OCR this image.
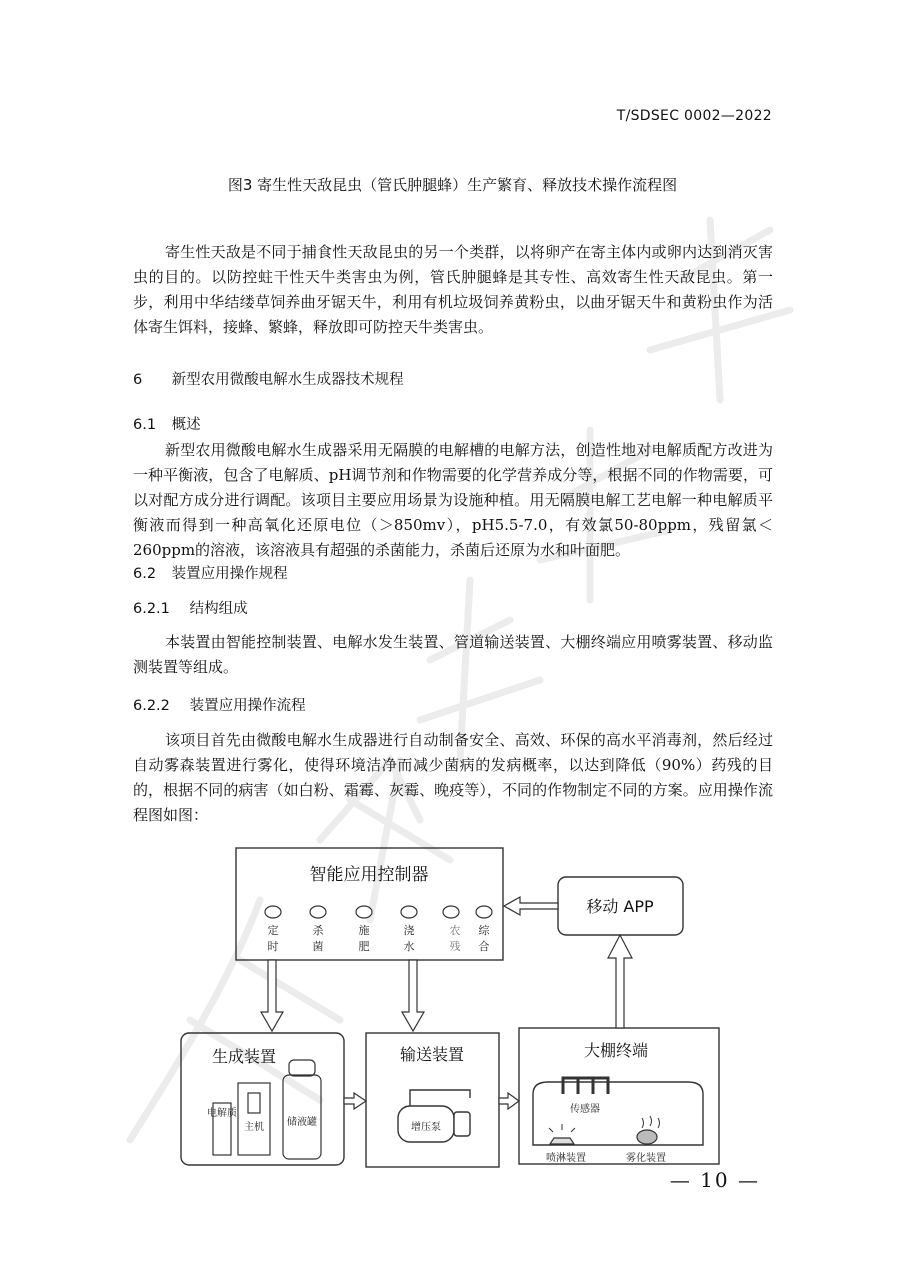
T/SDSEC 0002—2022
图3 寄生性天敌昆虫（管氏肿腿蜂）生产繁育、释放技术操作流程图
寄生性天敌是不同于捕食性天敌昆虫的另一个类群，以将卵产在寄主体内或卵内达到消灭害虫的目的。以防控蛀干性天牛类害虫为例，管氏肿腿蜂是其专性、高效寄生性天敌昆虫。第一步，利用中华结缕草饲养曲牙锯天牛，利用有机垃圾饲养黄粉虫，以曲牙锯天牛和黄粉虫作为活体寄生饵料，接蜂、繁蜂，释放即可防控天牛类害虫。
6 新型农用微酸电解水生成器技术规程
6.1 概述
新型农用微酸电解水生成器采用无隔膜的电解槽的电解方法，创造性地对电解质配方改进为一种平衡液，包含了电解质、pH调节剂和作物需要的化学营养成分等，根据不同的作物需要，可以对配方成分进行调配。该项目主要应用场景为设施种植。用无隔膜电解工艺电解一种电解质平衡液而得到一种高氧化还原电位（＞850mv），pH5.5-7.0，有效氯50-80ppm，残留氯＜260ppm的溶液，该溶液具有超强的杀菌能力，杀菌后还原为水和叶面肥。
6.2 装置应用操作规程
6.2.1 结构组成
本装置由智能控制装置、电解水发生装置、管道输送装置、大棚终端应用喷雾装置、移动监测装置等组成。
6.2.2 装置应用操作流程
该项目首先由微酸电解水生成器进行自动制备安全、高效、环保的高水平消毒剂，然后经过自动雾森装置进行雾化，使得环境洁净而减少菌病的发病概率，以达到降低（90%）药残的目的，根据不同的病害（如白粉、霜霉、灰霉、晚疫等），不同的作物制定不同的方案。应用操作流程图如图：
定
时
杀
菌
施
肥
浇
水
农
残
综
合
智能应用控制器
移动 APP
生成装置
电解质
主机 储液罐
输送装置
增压泵
大棚终端
传感器
喷淋装置	雾化装置
— 10 —
